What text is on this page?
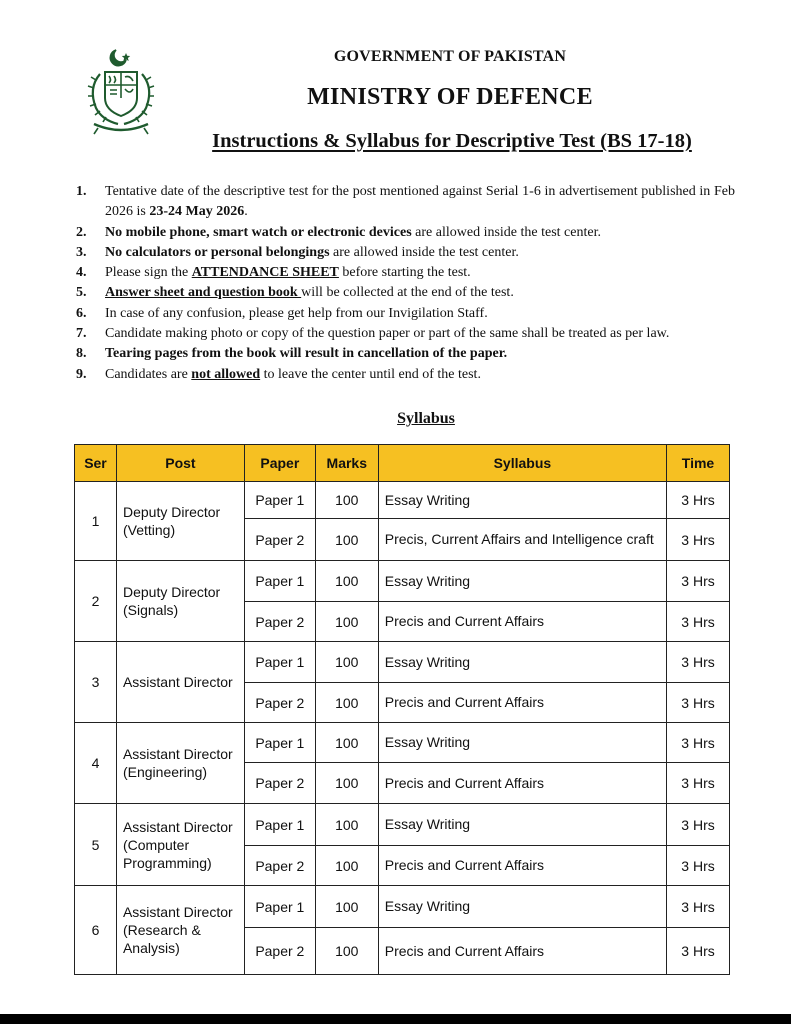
GOVERNMENT OF PAKISTAN
MINISTRY OF DEFENCE
Instructions & Syllabus for Descriptive Test (BS 17-18)
1. Tentative date of the descriptive test for the post mentioned against Serial 1-6 in advertisement published in Feb 2026 is 23-24 May 2026.
2. No mobile phone, smart watch or electronic devices are allowed inside the test center.
3. No calculators or personal belongings are allowed inside the test center.
4. Please sign the ATTENDANCE SHEET before starting the test.
5. Answer sheet and question book will be collected at the end of the test.
6. In case of any confusion, please get help from our Invigilation Staff.
7. Candidate making photo or copy of the question paper or part of the same shall be treated as per law.
8. Tearing pages from the book will result in cancellation of the paper.
9. Candidates are not allowed to leave the center until end of the test.
Syllabus
Ser	Post	Paper	Marks	Syllabus	Time
1	Deputy Director (Vetting)	Paper 1	100	Essay Writing	3 Hrs
		Paper 2	100	Precis, Current Affairs and Intelligence craft	3 Hrs
2	Deputy Director (Signals)	Paper 1	100	Essay Writing	3 Hrs
		Paper 2	100	Precis and Current Affairs	3 Hrs
3	Assistant Director	Paper 1	100	Essay Writing	3 Hrs
		Paper 2	100	Precis and Current Affairs	3 Hrs
4	Assistant Director (Engineering)	Paper 1	100	Essay Writing	3 Hrs
		Paper 2	100	Precis and Current Affairs	3 Hrs
5	Assistant Director (Computer Programming)	Paper 1	100	Essay Writing	3 Hrs
		Paper 2	100	Precis and Current Affairs	3 Hrs
6	Assistant Director (Research & Analysis)	Paper 1	100	Essay Writing	3 Hrs
		Paper 2	100	Precis and Current Affairs	3 Hrs
